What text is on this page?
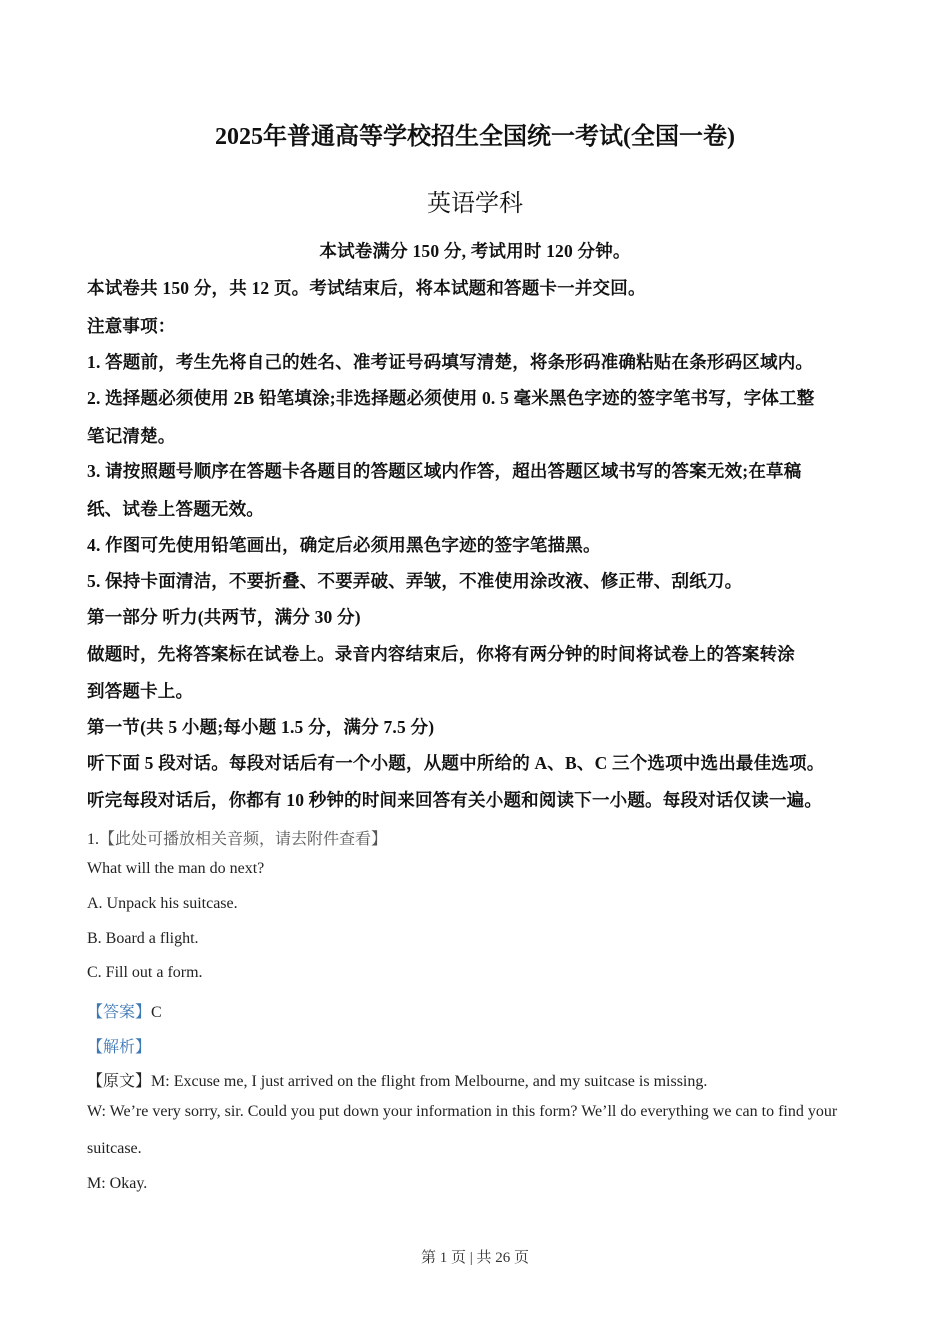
2025年普通高等学校招生全国统一考试(全国一卷)
英语学科
本试卷满分 150 分, 考试用时 120 分钟。
本试卷共 150 分，共 12 页。考试结束后，将本试题和答题卡一并交回。
注意事项：
1. 答题前，考生先将自己的姓名、准考证号码填写清楚，将条形码准确粘贴在条形码区域内。
2. 选择题必须使用 2B 铅笔填涂;非选择题必须使用 0. 5 毫米黑色字迹的签字笔书写，字体工整
笔记清楚。
3. 请按照题号顺序在答题卡各题目的答题区域内作答，超出答题区域书写的答案无效;在草稿
纸、试卷上答题无效。
4. 作图可先使用铅笔画出，确定后必须用黑色字迹的签字笔描黑。
5. 保持卡面清洁，不要折叠、不要弄破、弄皱，不准使用涂改液、修正带、刮纸刀。
第一部分 听力(共两节，满分 30 分)
做题时，先将答案标在试卷上。录音内容结束后，你将有两分钟的时间将试卷上的答案转涂
到答题卡上。
第一节(共 5 小题;每小题 1.5 分，满分 7.5 分)
听下面 5 段对话。每段对话后有一个小题，从题中所给的 A、B、C 三个选项中选出最佳选项。
听完每段对话后，你都有 10 秒钟的时间来回答有关小题和阅读下一小题。每段对话仅读一遍。
1.【此处可播放相关音频，请去附件查看】
What will the man do next?
A. Unpack his suitcase.
B. Board a flight.
C. Fill out a form.
【答案】C
【解析】
【原文】M: Excuse me, I just arrived on the flight from Melbourne, and my suitcase is missing.
W: We’re very sorry, sir. Could you put down your information in this form? We’ll do everything we can to find your
suitcase.
M: Okay.
第 1 页 | 共 26 页
